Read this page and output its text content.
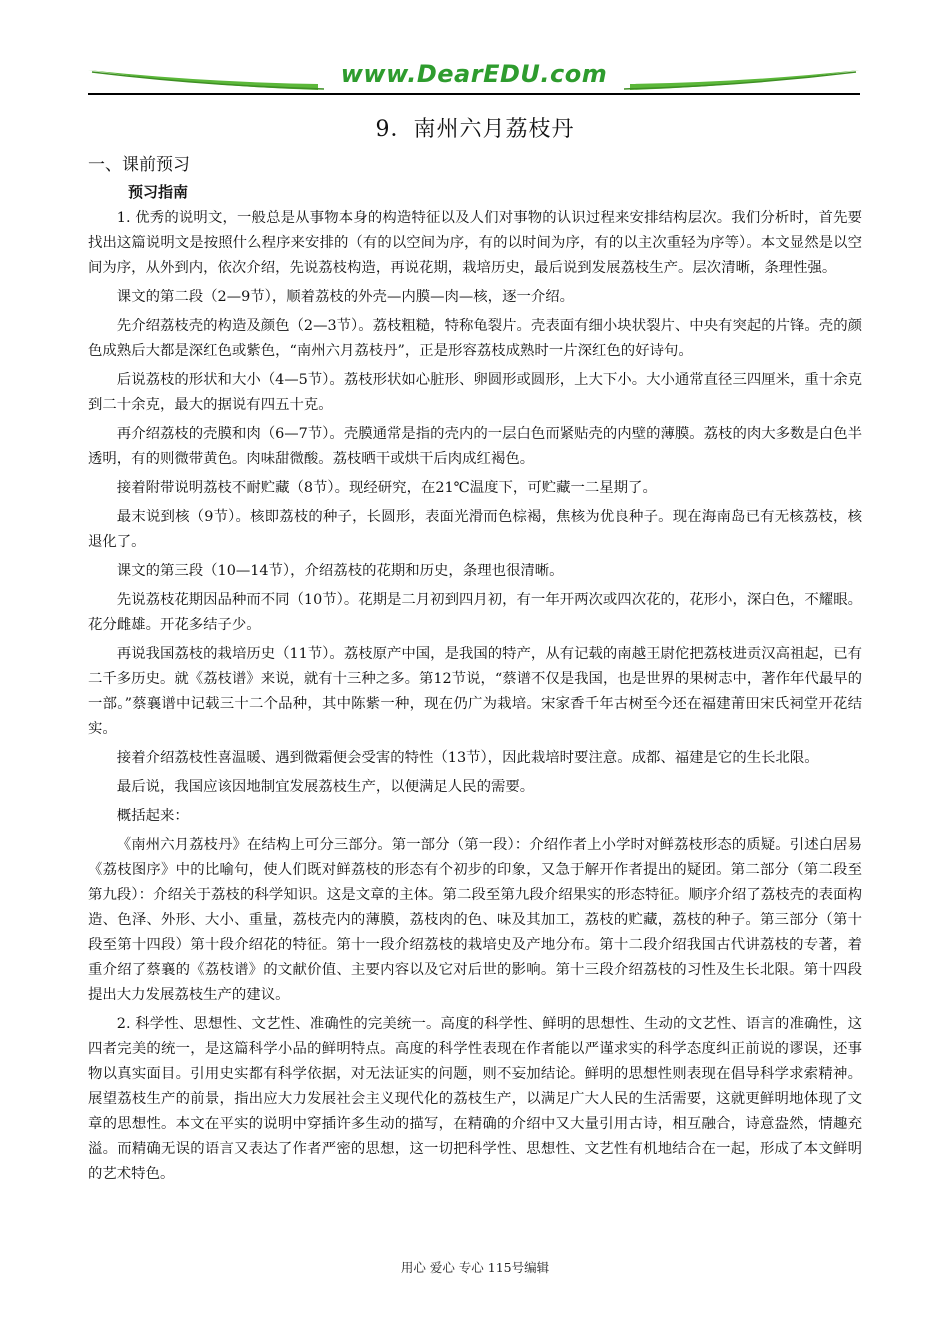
www.DearEDU.com
9．南州六月荔枝丹

一、课前预习

预习指南

1. 优秀的说明文，一般总是从事物本身的构造特征以及人们对事物的认识过程来安排结构层次。我们分析时，首先要找出这篇说明文是按照什么程序来安排的（有的以空间为序，有的以时间为序，有的以主次重轻为序等）。本文显然是以空间为序，从外到内，依次介绍，先说荔枝构造，再说花期，栽培历史，最后说到发展荔枝生产。层次清晰，条理性强。

课文的第二段（2—9节），顺着荔枝的外壳—内膜—肉—核，逐一介绍。

先介绍荔枝壳的构造及颜色（2—3节）。荔枝粗糙，特称龟裂片。壳表面有细小块状裂片、中央有突起的片锋。壳的颜色成熟后大都是深红色或紫色，“南州六月荔枝丹”，正是形容荔枝成熟时一片深红色的好诗句。

后说荔枝的形状和大小（4—5节）。荔枝形状如心脏形、卵圆形或圆形，上大下小。大小通常直径三四厘米，重十余克到二十余克，最大的据说有四五十克。

再介绍荔枝的壳膜和肉（6—7节）。壳膜通常是指的壳内的一层白色而紧贴壳的内壁的薄膜。荔枝的肉大多数是白色半透明，有的则微带黄色。肉味甜微酸。荔枝晒干或烘干后肉成红褐色。

接着附带说明荔枝不耐贮藏（8节）。现经研究，在21℃温度下，可贮藏一二星期了。

最末说到核（9节）。核即荔枝的种子，长圆形，表面光滑而色棕褐，焦核为优良种子。现在海南岛已有无核荔枝，核退化了。

课文的第三段（10—14节），介绍荔枝的花期和历史，条理也很清晰。

先说荔枝花期因品种而不同（10节）。花期是二月初到四月初，有一年开两次或四次花的，花形小，深白色，不耀眼。花分雌雄。开花多结子少。

再说我国荔枝的栽培历史（11节）。荔枝原产中国，是我国的特产，从有记载的南越王尉佗把荔枝进贡汉高祖起，已有二千多历史。就《荔枝谱》来说，就有十三种之多。第12节说，“蔡谱不仅是我国，也是世界的果树志中，著作年代最早的一部。”蔡襄谱中记载三十二个品种，其中陈紫一种，现在仍广为栽培。宋家香千年古树至今还在福建莆田宋氏祠堂开花结实。

接着介绍荔枝性喜温暖、遇到微霜便会受害的特性（13节），因此栽培时要注意。成都、福建是它的生长北限。

最后说，我国应该因地制宜发展荔枝生产，以便满足人民的需要。

概括起来：

《南州六月荔枝丹》在结构上可分三部分。第一部分（第一段）：介绍作者上小学时对鲜荔枝形态的质疑。引述白居易《荔枝图序》中的比喻句，使人们既对鲜荔枝的形态有个初步的印象，又急于解开作者提出的疑团。第二部分（第二段至第九段）：介绍关于荔枝的科学知识。这是文章的主体。第二段至第九段介绍果实的形态特征。顺序介绍了荔枝壳的表面构造、色泽、外形、大小、重量，荔枝壳内的薄膜，荔枝肉的色、味及其加工，荔枝的贮藏，荔枝的种子。第三部分（第十段至第十四段）第十段介绍花的特征。第十一段介绍荔枝的栽培史及产地分布。第十二段介绍我国古代讲荔枝的专著，着重介绍了蔡襄的《荔枝谱》的文献价值、主要内容以及它对后世的影响。第十三段介绍荔枝的习性及生长北限。第十四段提出大力发展荔枝生产的建议。

2. 科学性、思想性、文艺性、准确性的完美统一。高度的科学性、鲜明的思想性、生动的文艺性、语言的准确性，这四者完美的统一，是这篇科学小品的鲜明特点。高度的科学性表现在作者能以严谨求实的科学态度纠正前说的谬误，还事物以真实面目。引用史实都有科学依据，对无法证实的问题，则不妄加结论。鲜明的思想性则表现在倡导科学求索精神。展望荔枝生产的前景，指出应大力发展社会主义现代化的荔枝生产，以满足广大人民的生活需要，这就更鲜明地体现了文章的思想性。本文在平实的说明中穿插许多生动的描写，在精确的介绍中又大量引用古诗，相互融合，诗意盎然，情趣充溢。而精确无误的语言又表达了作者严密的思想，这一切把科学性、思想性、文艺性有机地结合在一起，形成了本文鲜明的艺术特色。

用心 爱心 专心 115号编辑
